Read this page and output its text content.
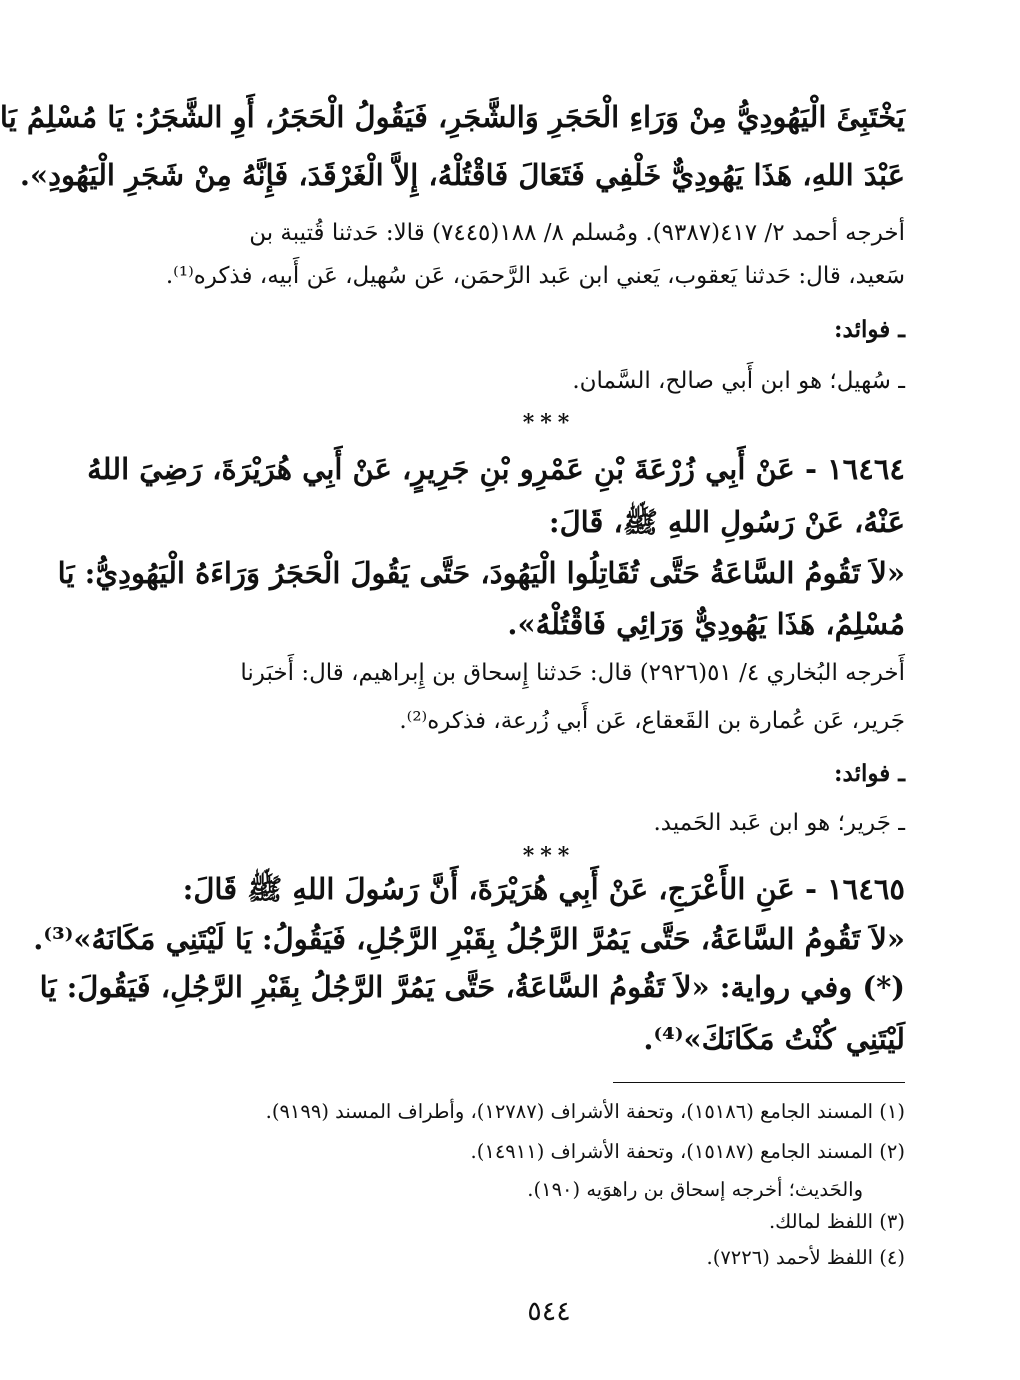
يَخْتَبِئَ الْيَهُودِيُّ مِنْ وَرَاءِ الْحَجَرِ وَالشَّجَرِ، فَيَقُولُ الْحَجَرُ، أَوِ الشَّجَرُ: يَا مُسْلِمُ يَا
عَبْدَ اللهِ، هَذَا يَهُودِيٌّ خَلْفِي فَتَعَالَ فَاقْتُلْهُ، إِلاَّ الْغَرْقَدَ، فَإِنَّهُ مِنْ شَجَرِ الْيَهُودِ».
أخرجه أحمد ٢/ ٤١٧(٩٣٨٧). ومُسلم ٨/ ١٨٨(٧٤٤٥) قالا: حَدثنا قُتيبة بن
سَعيد، قال: حَدثنا يَعقوب، يَعني ابن عَبد الرَّحمَن، عَن سُهيل، عَن أَبيه، فذكره⁽¹⁾.
ـ فوائد:
ـ سُهيل؛ هو ابن أَبي صالح، السَّمان.
***
١٦٤٦٤ - عَنْ أَبِي زُرْعَةَ بْنِ عَمْرِو بْنِ جَرِيرٍ، عَنْ أَبِي هُرَيْرَةَ، رَضِيَ اللهُ
عَنْهُ، عَنْ رَسُولِ اللهِ ﷺ، قَالَ:
«لاَ تَقُومُ السَّاعَةُ حَتَّى تُقَاتِلُوا الْيَهُودَ، حَتَّى يَقُولَ الْحَجَرُ وَرَاءَهُ الْيَهُودِيُّ: يَا
مُسْلِمُ، هَذَا يَهُودِيٌّ وَرَائِي فَاقْتُلْهُ».
أَخرجه البُخاري ٤/ ٥١(٢٩٢٦) قال: حَدثنا إِسحاق بن إِبراهيم، قال: أَخبَرنا
جَرير، عَن عُمارة بن القَعقاع، عَن أَبي زُرعة، فذكره⁽²⁾.
ـ فوائد:
ـ جَرير؛ هو ابن عَبد الحَميد.
***
١٦٤٦٥ - عَنِ الأَعْرَجِ، عَنْ أَبِي هُرَيْرَةَ، أَنَّ رَسُولَ اللهِ ﷺ قَالَ:
«لاَ تَقُومُ السَّاعَةُ، حَتَّى يَمُرَّ الرَّجُلُ بِقَبْرِ الرَّجُلِ، فَيَقُولُ: يَا لَيْتَنِي مَكَانَهُ»⁽³⁾.
(*) وفي رواية: «لاَ تَقُومُ السَّاعَةُ، حَتَّى يَمُرَّ الرَّجُلُ بِقَبْرِ الرَّجُلِ، فَيَقُولَ: يَا
لَيْتَنِي كُنْتُ مَكَانَكَ»⁽⁴⁾.
(١) المسند الجامع (١٥١٨٦)، وتحفة الأشراف (١٢٧٨٧)، وأطراف المسند (٩١٩٩).
(٢) المسند الجامع (١٥١٨٧)، وتحفة الأشراف (١٤٩١١).
والحَديث؛ أخرجه إسحاق بن راهوَيه (١٩٠).
(٣) اللفظ لمالك.
(٤) اللفظ لأحمد (٧٢٢٦).
٥٤٤
